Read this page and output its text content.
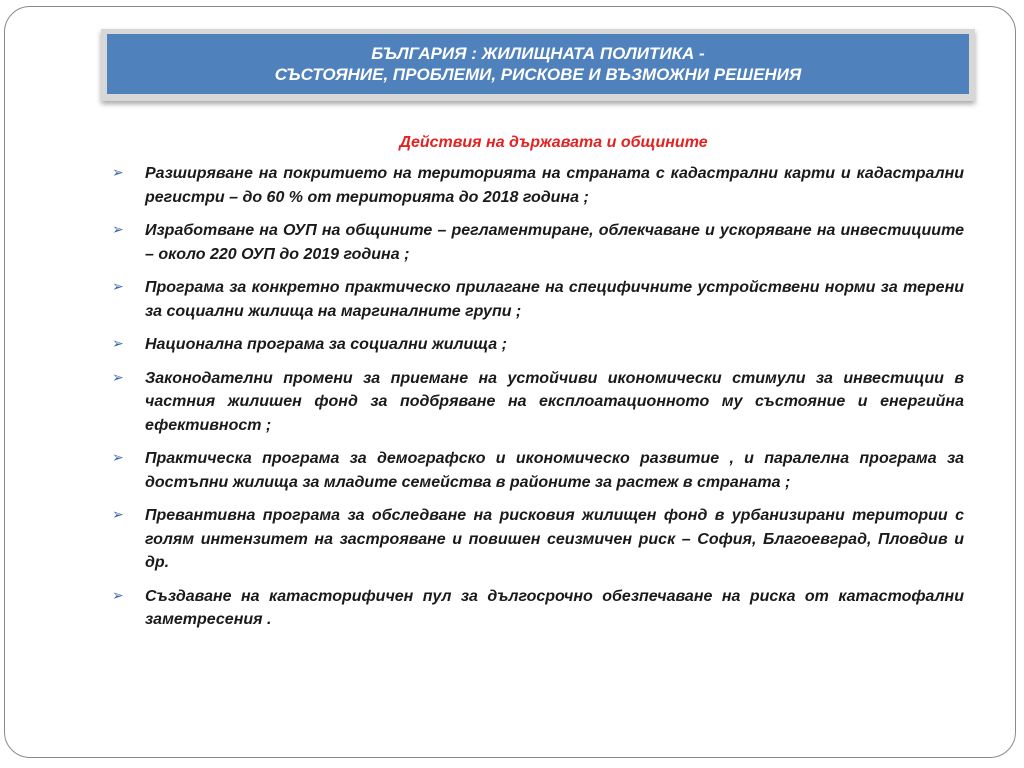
БЪЛГАРИЯ : ЖИЛИЩНАТА ПОЛИТИКА -
СЪСТОЯНИЕ, ПРОБЛЕМИ, РИСКОВЕ И ВЪЗМОЖНИ РЕШЕНИЯ
Действия на държавата и общините
➢ Разширяване на покритието на територията на страната с кадастрални карти и кадастрални регистри – до 60 % от територията до 2018 година ;
➢ Изработване на ОУП на общините – регламентиране, облекчаване и ускоряване на инвестициите – около 220 ОУП до 2019 година ;
➢ Програма за конкретно практическо прилагане на специфичните устройствени норми за терени за социални жилища на маргиналните групи ;
➢ Национална програма за социални жилища ;
➢ Законодателни промени за приемане на устойчиви икономически стимули за инвестиции в частния жилишен фонд за подбряване на експлоатационното му състояние и енергийна ефективност ;
➢ Практическа програма за демографско и икономическо развитие , и паралелна програма за достъпни жилища за младите семейства в районите за растеж в страната ;
➢ Превантивна програма за обследване на рисковия жилищен фонд в урбанизирани територии с голям интензитет на застрояване и повишен сеизмичен риск – София, Благоевград, Пловдив и др.
➢ Създаване на катасторифичен пул за дългосрочно обезпечаване на риска от катастофални заметресения .
